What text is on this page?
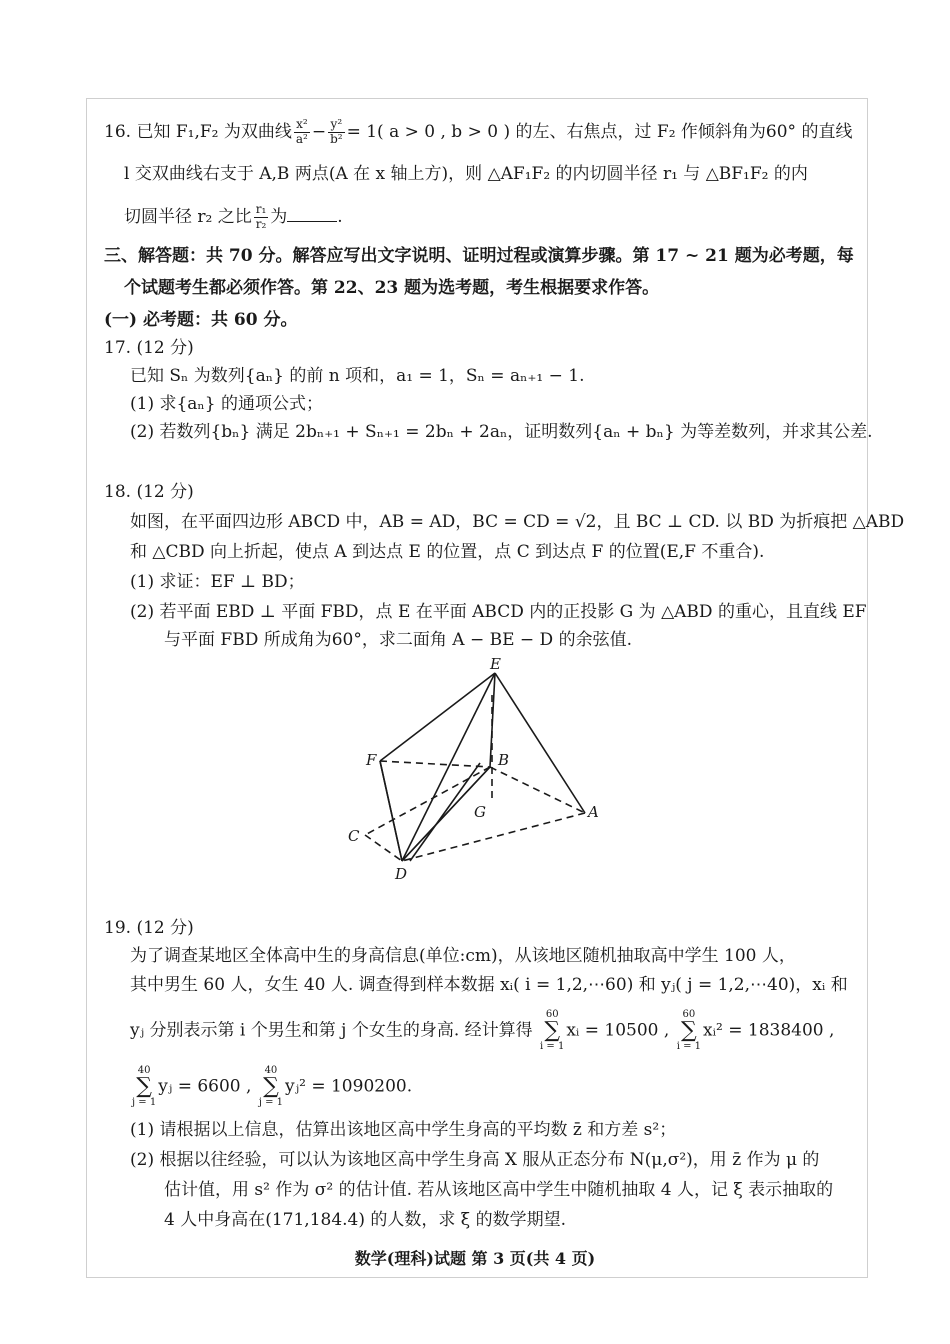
16. 已知 F₁,F₂ 为双曲线 $\frac{\text{x²}}{\text{a²}} - \frac{\text{y²}}{\text{b²}} = 1$( a > 0 , b > 0 ) 的左、右焦点，过 F₂ 作倾斜角为60° 的直线
l 交双曲线右支于 A,B 两点(A 在 x 轴上方)，则 △AF₁F₂ 的内切圆半径 r₁ 与 △BF₁F₂ 的内
切圆半径 r₂ 之比 $\frac{\text{r₁}}{\text{r₂}}$ 为	.
三、解答题：共 70 分。解答应写出文字说明、证明过程或演算步骤。第 17 ~ 21 题为必考题，每
个试题考生都必须作答。第 22、23 题为选考题，考生根据要求作答。
(一) 必考题：共 60 分。
17. (12 分)
已知 Sₙ 为数列{aₙ} 的前 n 项和，a₁ = 1，Sₙ = aₙ₊₁ − 1.
(1) 求{aₙ} 的通项公式；
(2) 若数列{bₙ} 满足 2bₙ₊₁ + Sₙ₊₁ = 2bₙ + 2aₙ，证明数列{aₙ + bₙ} 为等差数列，并求其公差.
18. (12 分)
如图，在平面四边形 ABCD 中，AB = AD，BC = CD = √2，且 BC ⊥ CD. 以 BD 为折痕把 △ABD
和 △CBD 向上折起，使点 A 到达点 E 的位置，点 C 到达点 F 的位置(E,F 不重合).
(1) 求证：EF ⊥ BD；
(2) 若平面 EBD ⊥ 平面 FBD，点 E 在平面 ABCD 内的正投影 G 为 △ABD 的重心，且直线 EF
与平面 FBD 所成角为60°，求二面角 A − BE − D 的余弦值.
E
F	B
G	A
C
D
19. (12 分)
为了调查某地区全体高中生的身高信息(单位:cm)，从该地区随机抽取高中学生 100 人，
其中男生 60 人，女生 40 人. 调查得到样本数据 xᵢ( i = 1,2,⋯60) 和 yⱼ( j = 1,2,⋯40)，xᵢ 和
yⱼ 分别表示第 i 个男生和第 j 个女生的身高. 经计算得 60
∑
i = 1xᵢ = 10500 , 60
∑
i = 1xᵢ² = 1838400 ,
40
∑
j = 1yⱼ = 6600 , 40
∑
j = 1yⱼ² = 1090200.
(1) 请根据以上信息，估算出该地区高中学生身高的平均数 z̄ 和方差 s²；
(2) 根据以往经验，可以认为该地区高中学生身高 X 服从正态分布 N(μ,σ²)，用 z̄ 作为 μ 的
估计值，用 s² 作为 σ² 的估计值. 若从该地区高中学生中随机抽取 4 人，记 ξ 表示抽取的
4 人中身高在(171,184.4) 的人数，求 ξ 的数学期望.
数学(理科)试题 第 3 页(共 4 页)
